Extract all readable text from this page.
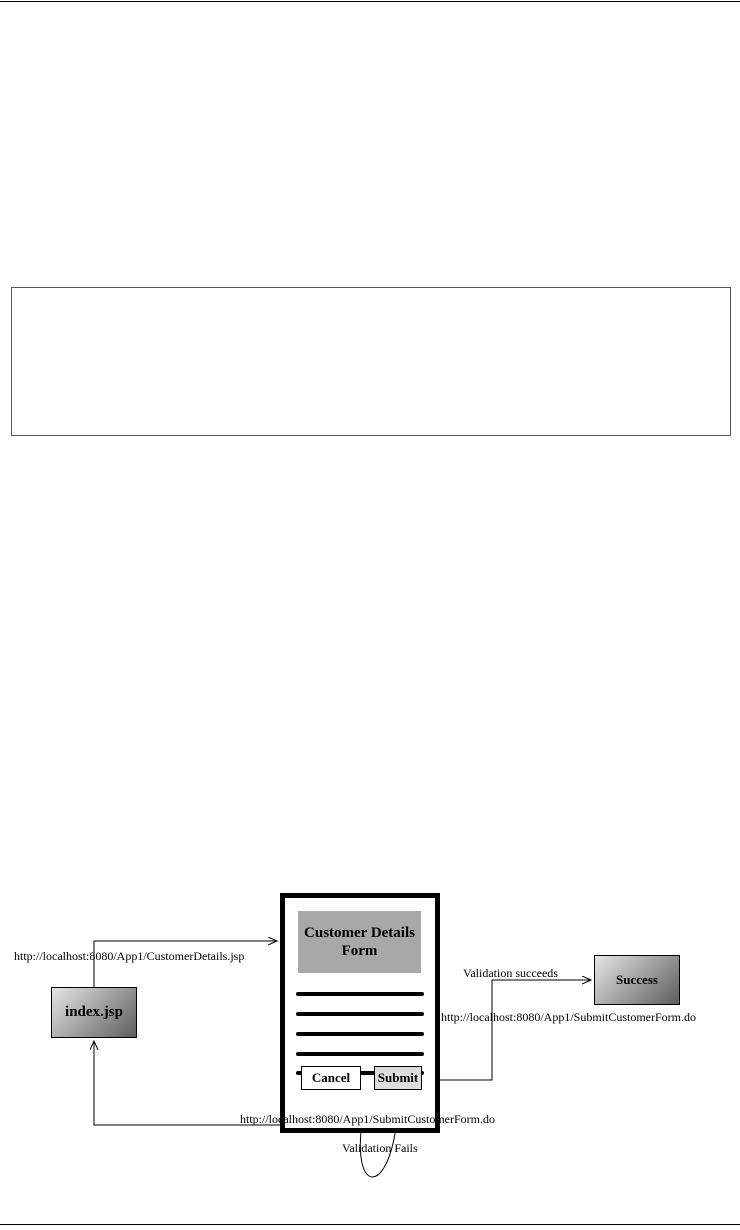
Customer Details
Form
Cancel	Submit
index.jsp
Success
http://localhost:8080/App1/CustomerDetails.jsp
Validation succeeds
http://localhost:8080/App1/SubmitCustomerForm.do
http://localhost:8080/App1/SubmitCustomerForm.do
Validation Fails
